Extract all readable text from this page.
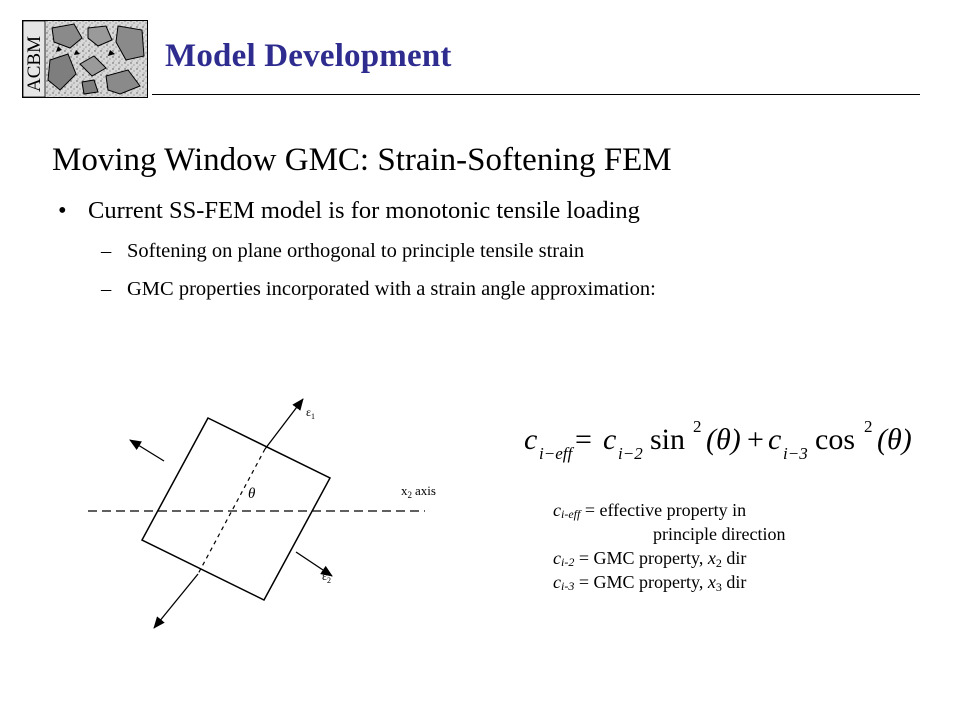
ACBM	Model Development
Moving Window GMC: Strain-Softening FEM
• Current SS-FEM model is for monotonic tensile loading
– Softening on plane orthogonal to principle tensile strain
– GMC properties incorporated with a strain angle approximation:
$\varepsilon_1$
$\varepsilon_2$
θ	$x_2$ axis
c i−eff = c i−2 sin 2 (θ) + c i−3 cos 2 (θ)
ci-eff = effective property in
principle direction
ci-2 = GMC property, x2 dir
ci-3 = GMC property, x3 dir
